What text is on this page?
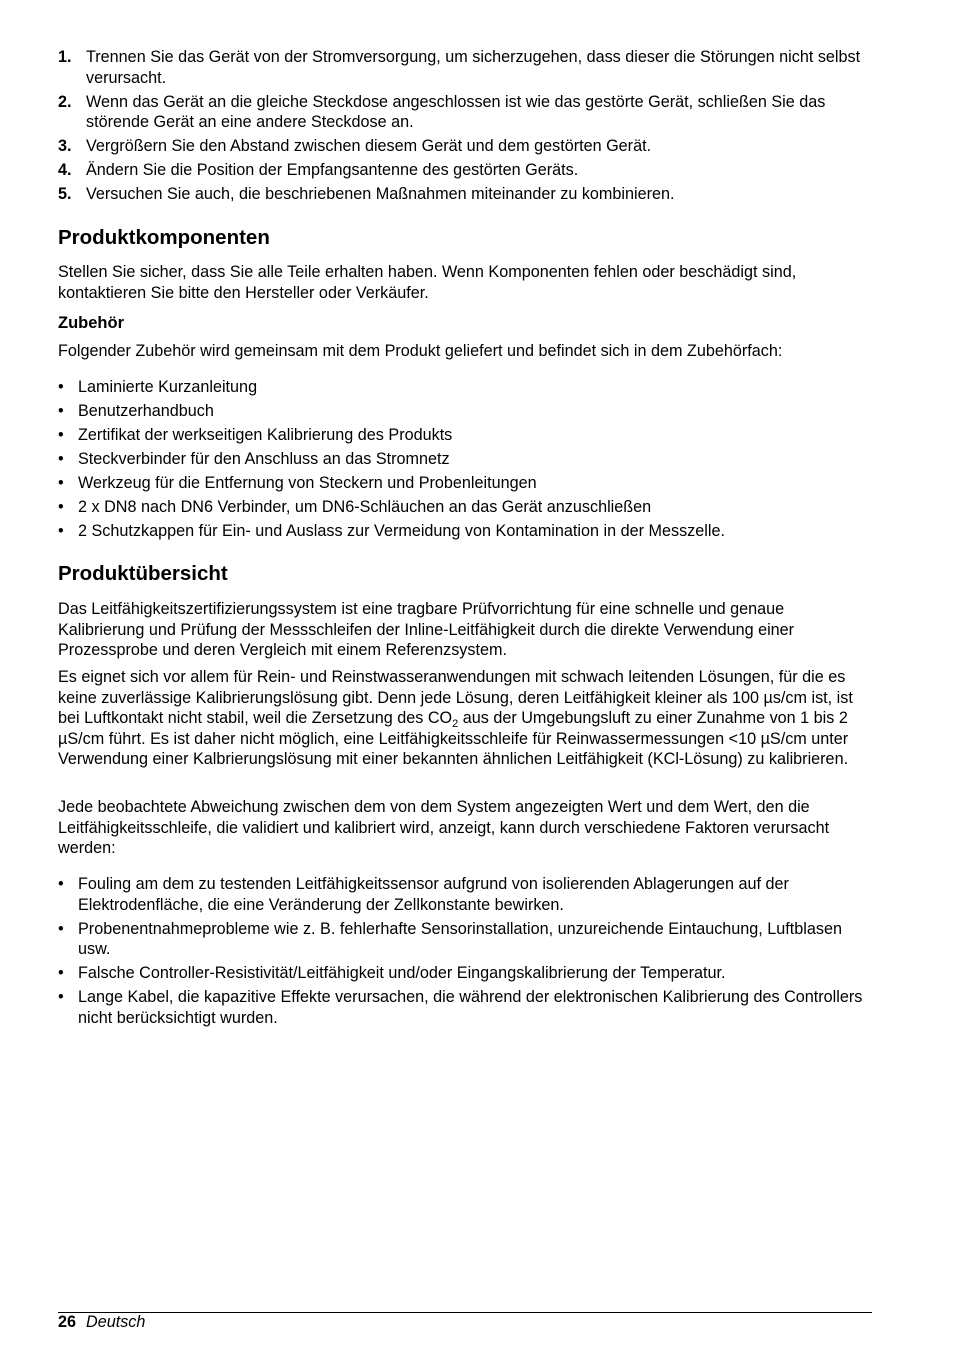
1. Trennen Sie das Gerät von der Stromversorgung, um sicherzugehen, dass dieser die Störungen nicht selbst verursacht.
2. Wenn das Gerät an die gleiche Steckdose angeschlossen ist wie das gestörte Gerät, schließen Sie das störende Gerät an eine andere Steckdose an.
3. Vergrößern Sie den Abstand zwischen diesem Gerät und dem gestörten Gerät.
4. Ändern Sie die Position der Empfangsantenne des gestörten Geräts.
5. Versuchen Sie auch, die beschriebenen Maßnahmen miteinander zu kombinieren.
Produktkomponenten

Stellen Sie sicher, dass Sie alle Teile erhalten haben. Wenn Komponenten fehlen oder beschädigt sind, kontaktieren Sie bitte den Hersteller oder Verkäufer.

Zubehör

Folgender Zubehör wird gemeinsam mit dem Produkt geliefert und befindet sich in dem Zubehörfach:

• Laminierte Kurzanleitung
• Benutzerhandbuch
• Zertifikat der werkseitigen Kalibrierung des Produkts
• Steckverbinder für den Anschluss an das Stromnetz
• Werkzeug für die Entfernung von Steckern und Probenleitungen
• 2 x DN8 nach DN6 Verbinder, um DN6-Schläuchen an das Gerät anzuschließen
• 2 Schutzkappen für Ein- und Auslass zur Vermeidung von Kontamination in der Messzelle.
Produktübersicht

Das Leitfähigkeitszertifizierungssystem ist eine tragbare Prüfvorrichtung für eine schnelle und genaue Kalibrierung und Prüfung der Messschleifen der Inline-Leitfähigkeit durch die direkte Verwendung einer Prozessprobe und deren Vergleich mit einem Referenzsystem.

Es eignet sich vor allem für Rein- und Reinstwasseranwendungen mit schwach leitenden Lösungen, für die es keine zuverlässige Kalibrierungslösung gibt. Denn jede Lösung, deren Leitfähigkeit kleiner als 100 µs/cm ist, ist bei Luftkontakt nicht stabil, weil die Zersetzung des $CO_2$ aus der Umgebungsluft zu einer Zunahme von 1 bis 2 µS/cm führt. Es ist daher nicht möglich, eine Leitfähigkeitsschleife für Reinwassermessungen <10 µS/cm unter Verwendung einer Kalbrierungslösung mit einer bekannten ähnlichen Leitfähigkeit (KCl-Lösung) zu kalibrieren.

Jede beobachtete Abweichung zwischen dem von dem System angezeigten Wert und dem Wert, den die Leitfähigkeitsschleife, die validiert und kalibriert wird, anzeigt, kann durch verschiedene Faktoren verursacht werden:

• Fouling am dem zu testenden Leitfähigkeitssensor aufgrund von isolierenden Ablagerungen auf der Elektrodenfläche, die eine Veränderung der Zellkonstante bewirken.
• Probenentnahmeprobleme wie z. B. fehlerhafte Sensorinstallation, unzureichende Eintauchung, Luftblasen usw.
• Falsche Controller-Resistivität/Leitfähigkeit und/oder Eingangskalibrierung der Temperatur.
• Lange Kabel, die kapazitive Effekte verursachen, die während der elektronischen Kalibrierung des Controllers nicht berücksichtigt wurden.
26 Deutsch
